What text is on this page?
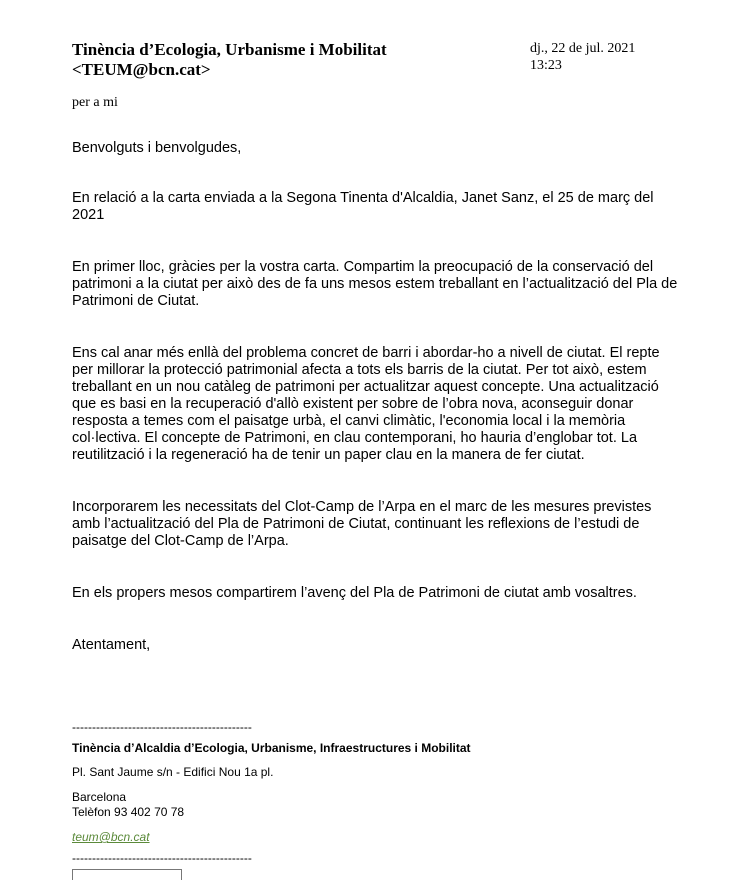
Tinència d’Ecologia, Urbanisme i Mobilitat
<TEUM@bcn.cat>
dj., 22 de jul. 2021
13:23
per a mi

Benvolguts i benvolgudes,

En relació a la carta enviada a la Segona Tinenta d'Alcaldia, Janet Sanz, el 25 de març del 2021

En primer lloc, gràcies per la vostra carta. Compartim la preocupació de la conservació del patrimoni a la ciutat per això des de fa uns mesos estem treballant en l’actualització del Pla de Patrimoni de Ciutat.

Ens cal anar més enllà del problema concret de barri i abordar-ho a nivell de ciutat. El repte per millorar la protecció patrimonial afecta a tots els barris de la ciutat. Per tot això, estem treballant en un nou catàleg de patrimoni per actualitzar aquest concepte. Una actualització que es basi en la recuperació d'allò existent per sobre de l’obra nova, aconseguir donar resposta a temes com el paisatge urbà, el canvi climàtic, l'economia local i la memòria col·lectiva. El concepte de Patrimoni, en clau contemporani, ho hauria d’englobar tot. La reutilització i la regeneració ha de tenir un paper clau en la manera de fer ciutat.

Incorporarem les necessitats del Clot-Camp de l’Arpa en el marc de les mesures previstes amb l’actualització del Pla de Patrimoni de Ciutat, continuant les reflexions de l’estudi de paisatge del Clot-Camp de l’Arpa.

En els propers mesos compartirem l’avenç del Pla de Patrimoni de ciutat amb vosaltres.

Atentament,

---------------------------------------------

Tinència d’Alcaldia d’Ecologia, Urbanisme, Infraestructures i Mobilitat

Pl. Sant Jaume s/n - Edifici Nou 1a pl.

Barcelona

Telèfon 93 402 70 78

teum@bcn.cat

---------------------------------------------
